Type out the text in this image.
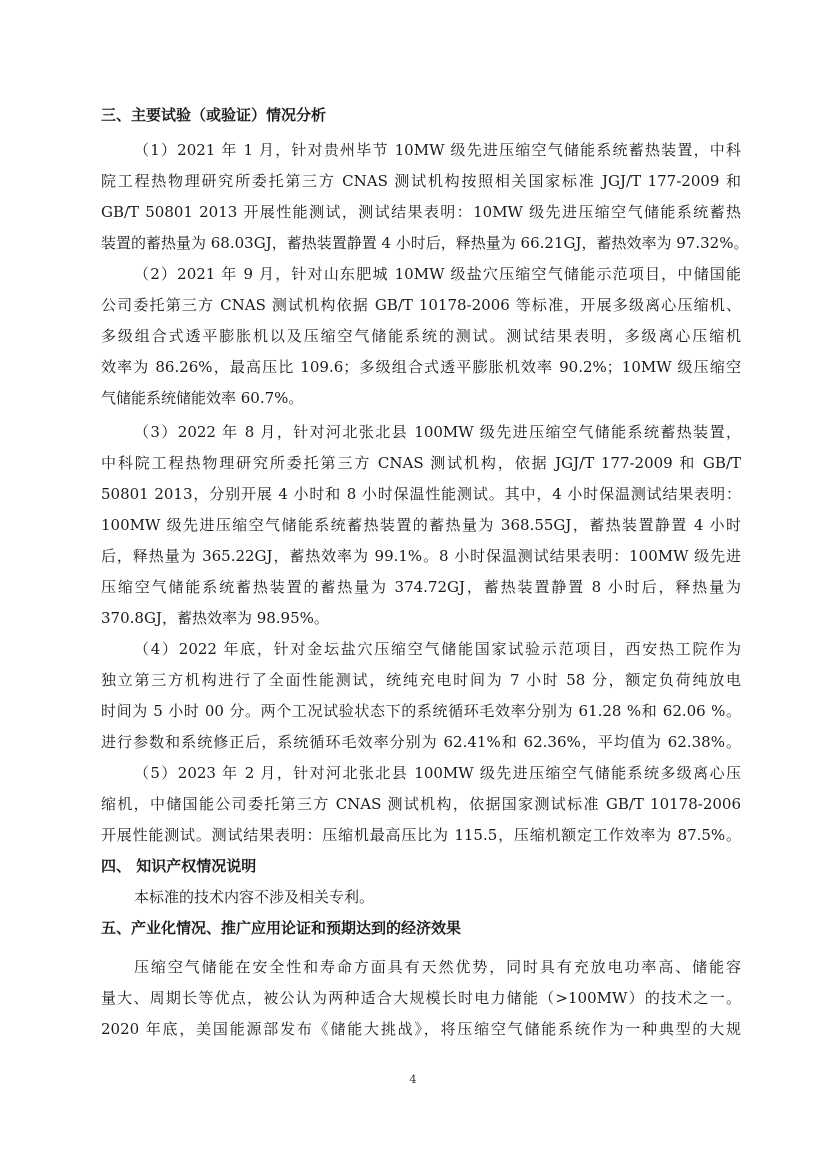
三、主要试验（或验证）情况分析
（1）2021 年 1 月，针对贵州毕节 10MW 级先进压缩空气储能系统蓄热装置，中科
院工程热物理研究所委托第三方 CNAS 测试机构按照相关国家标准 JGJ/T 177-2009 和
GB/T 50801 2013 开展性能测试，测试结果表明：10MW 级先进压缩空气储能系统蓄热
装置的蓄热量为 68.03GJ，蓄热装置静置 4 小时后，释热量为 66.21GJ，蓄热效率为 97.32%。
（2）2021 年 9 月，针对山东肥城 10MW 级盐穴压缩空气储能示范项目，中储国能
公司委托第三方 CNAS 测试机构依据 GB/T 10178-2006 等标准，开展多级离心压缩机、
多级组合式透平膨胀机以及压缩空气储能系统的测试。测试结果表明，多级离心压缩机
效率为 86.26%，最高压比 109.6；多级组合式透平膨胀机效率 90.2%；10MW 级压缩空
气储能系统储能效率 60.7%。
（3）2022 年 8 月，针对河北张北县 100MW 级先进压缩空气储能系统蓄热装置，
中科院工程热物理研究所委托第三方 CNAS 测试机构，依据 JGJ/T 177-2009 和 GB/T
50801 2013，分别开展 4 小时和 8 小时保温性能测试。其中，4 小时保温测试结果表明：
100MW 级先进压缩空气储能系统蓄热装置的蓄热量为 368.55GJ，蓄热装置静置 4 小时
后，释热量为 365.22GJ，蓄热效率为 99.1%。8 小时保温测试结果表明：100MW 级先进
压缩空气储能系统蓄热装置的蓄热量为 374.72GJ，蓄热装置静置 8 小时后，释热量为
370.8GJ，蓄热效率为 98.95%。
（4）2022 年底，针对金坛盐穴压缩空气储能国家试验示范项目，西安热工院作为
独立第三方机构进行了全面性能测试，统纯充电时间为 7 小时 58 分，额定负荷纯放电
时间为 5 小时 00 分。两个工况试验状态下的系统循环毛效率分别为 61.28 %和 62.06 %。
进行参数和系统修正后，系统循环毛效率分别为 62.41%和 62.36%，平均值为 62.38%。
（5）2023 年 2 月，针对河北张北县 100MW 级先进压缩空气储能系统多级离心压
缩机，中储国能公司委托第三方 CNAS 测试机构，依据国家测试标准 GB/T 10178-2006
开展性能测试。测试结果表明：压缩机最高压比为 115.5，压缩机额定工作效率为 87.5%。
四、 知识产权情况说明
本标准的技术内容不涉及相关专利。
五、产业化情况、推广应用论证和预期达到的经济效果
压缩空气储能在安全性和寿命方面具有天然优势，同时具有充放电功率高、储能容
量大、周期长等优点，被公认为两种适合大规模长时电力储能（>100MW）的技术之一。
2020 年底，美国能源部发布《储能大挑战》，将压缩空气储能系统作为一种典型的大规
4
